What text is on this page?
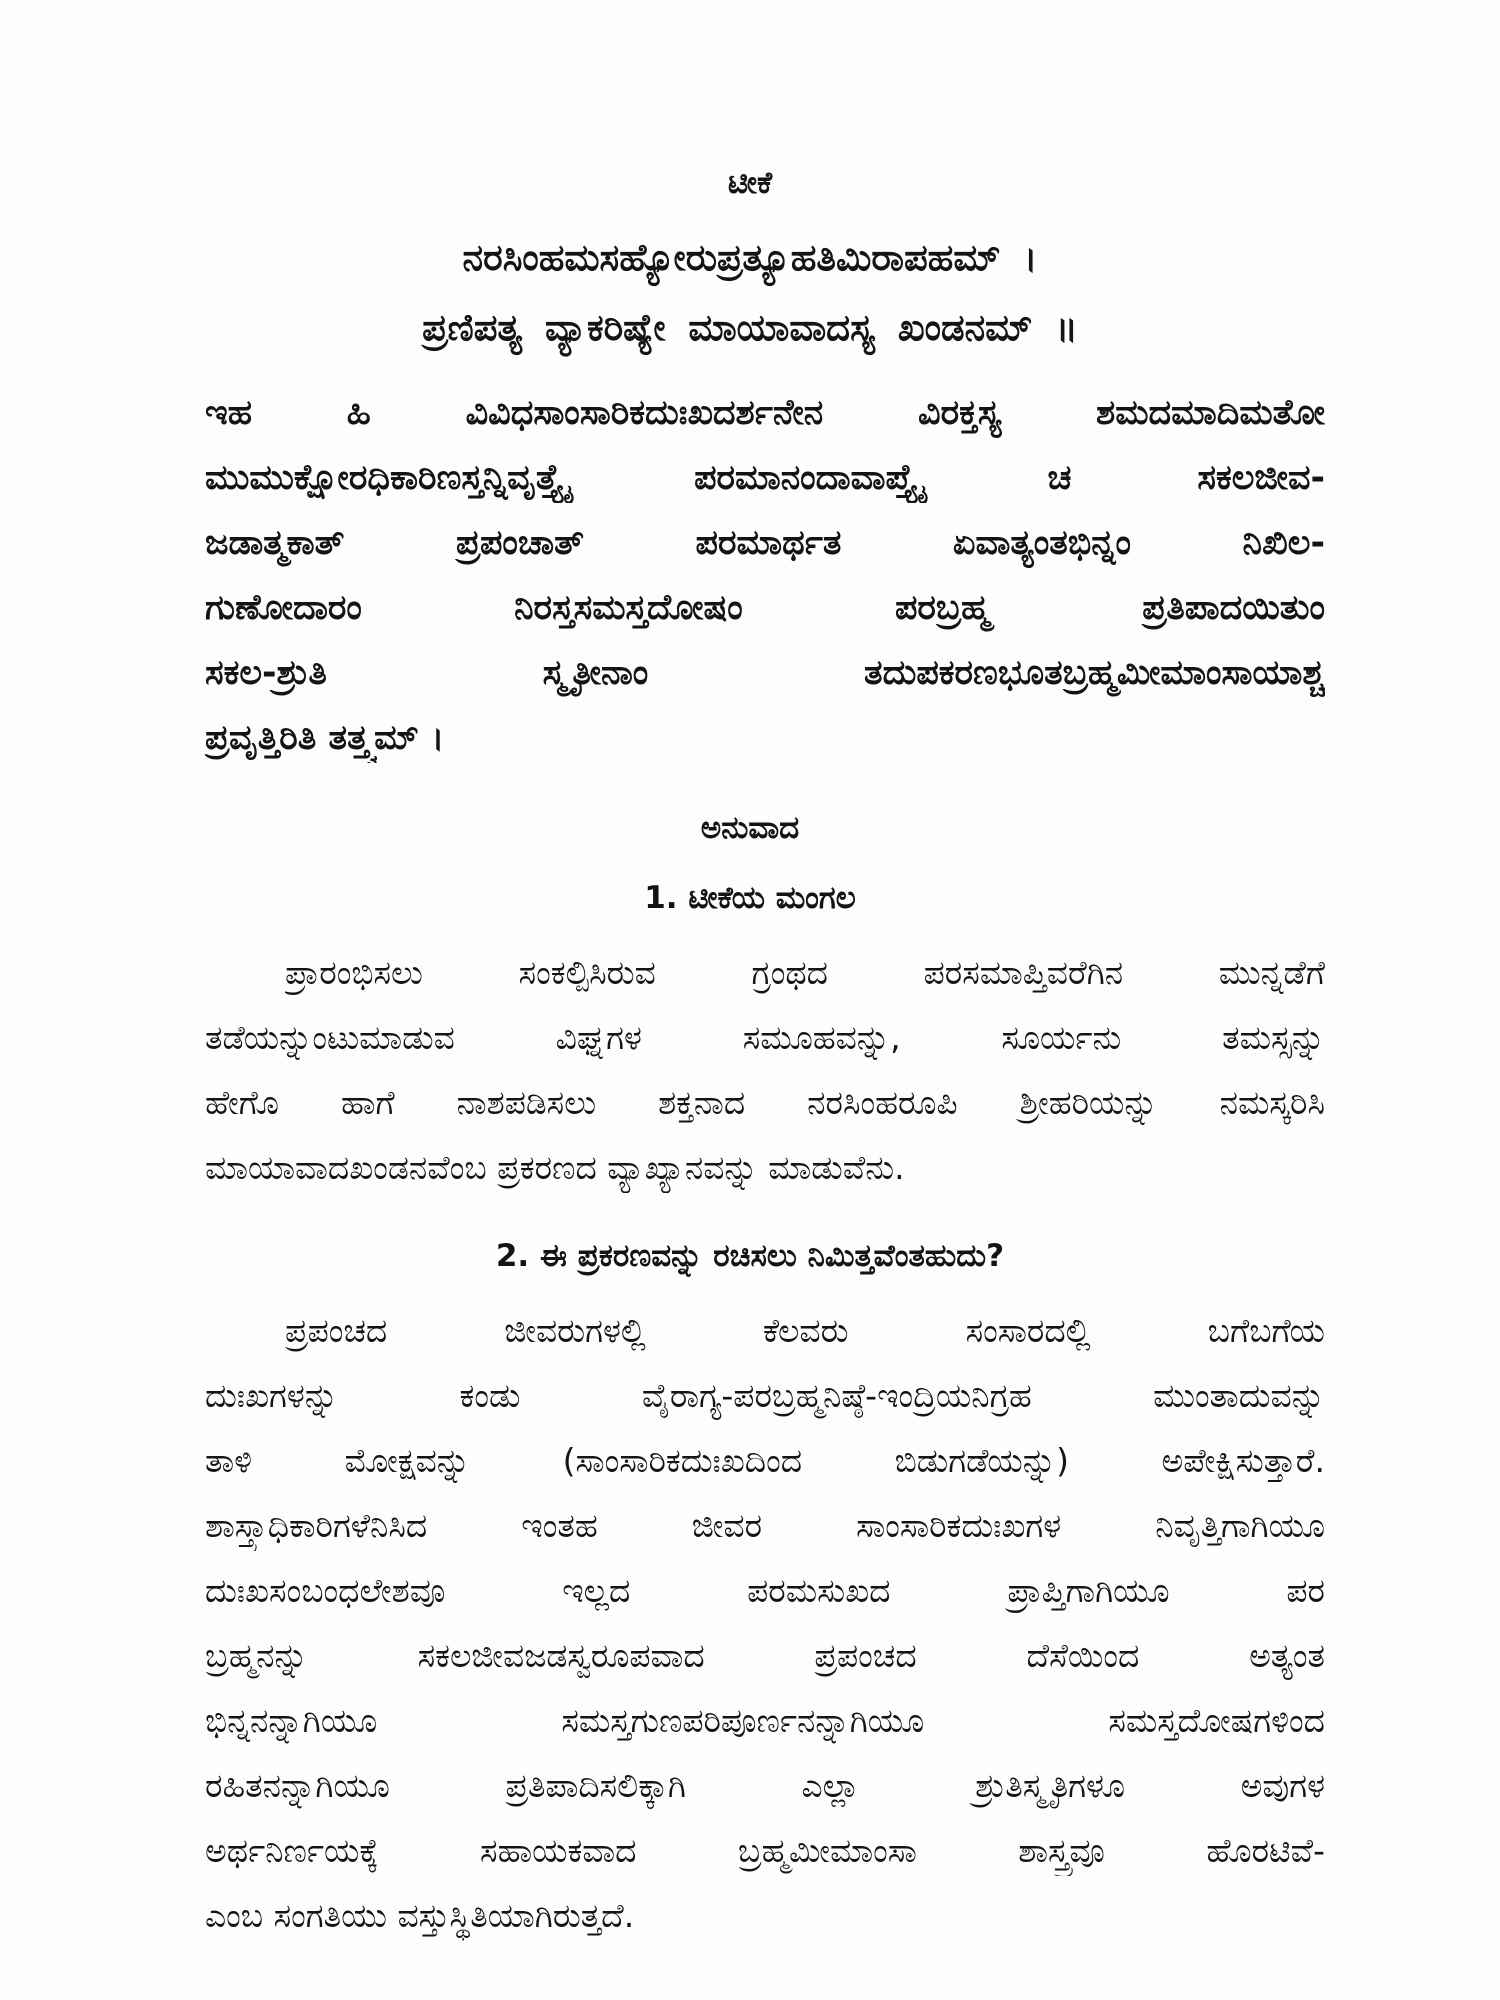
ಟೀಕೆ
ನರಸಿಂಹಮಸಹ್ಯೋರುಪ್ರತ್ಯೂಹತಿಮಿರಾಪಹಮ್ ।
ಪ್ರಣಿಪತ್ಯ ವ್ಯಾಕರಿಷ್ಯೇ ಮಾಯಾವಾದಸ್ಯ ಖಂಡನಮ್ ॥
ಇಹ ಹಿ ವಿವಿಧಸಾಂಸಾರಿಕದುಃಖದರ್ಶನೇನ ವಿರಕ್ತಸ್ಯ ಶಮದಮಾದಿಮತೋ
ಮುಮುಕ್ಷೋರಧಿಕಾರಿಣಸ್ತನ್ನಿವೃತ್ತ್ಯೈ ಪರಮಾನಂದಾವಾಪ್ತ್ಯೈ ಚ ಸಕಲಜೀವ-
ಜಡಾತ್ಮಕಾತ್ ಪ್ರಪಂಚಾತ್ ಪರಮಾರ್ಥತ ಏವಾತ್ಯಂತಭಿನ್ನಂ ನಿಖಿಲ-
ಗುಣೋದಾರಂ ನಿರಸ್ತಸಮಸ್ತದೋಷಂ ಪರಬ್ರಹ್ಮ ಪ್ರತಿಪಾದಯಿತುಂ
ಸಕಲ-ಶ್ರುತಿ ಸ್ಮೃತೀನಾಂ ತದುಪಕರಣಭೂತಬ್ರಹ್ಮಮೀಮಾಂಸಾಯಾಶ್ಚ
ಪ್ರವೃತ್ತಿರಿತಿ ತತ್ತ್ವಮ್ ।
ಅನುವಾದ
1. ಟೀಕೆಯ ಮಂಗಲ
ಪ್ರಾರಂಭಿಸಲು ಸಂಕಲ್ಪಿಸಿರುವ ಗ್ರಂಥದ ಪರಸಮಾಪ್ತಿವರೆಗಿನ ಮುನ್ನಡೆಗೆ
ತಡೆಯನ್ನುಂಟುಮಾಡುವ ವಿಘ್ನಗಳ ಸಮೂಹವನ್ನು, ಸೂರ್ಯನು ತಮಸ್ಸನ್ನು
ಹೇಗೊ ಹಾಗೆ ನಾಶಪಡಿಸಲು ಶಕ್ತನಾದ ನರಸಿಂಹರೂಪಿ ಶ್ರೀಹರಿಯನ್ನು ನಮಸ್ಕರಿಸಿ
ಮಾಯಾವಾದಖಂಡನವೆಂಬ ಪ್ರಕರಣದ ವ್ಯಾಖ್ಯಾನವನ್ನು ಮಾಡುವೆನು.
2. ಈ ಪ್ರಕರಣವನ್ನು ರಚಿಸಲು ನಿಮಿತ್ತವೆಂತಹುದು?
ಪ್ರಪಂಚದ ಜೀವರುಗಳಲ್ಲಿ ಕೆಲವರು ಸಂಸಾರದಲ್ಲಿ ಬಗೆಬಗೆಯ
ದುಃಖಗಳನ್ನು ಕಂಡು ವೈರಾಗ್ಯ-ಪರಬ್ರಹ್ಮನಿಷ್ಠೆ-ಇಂದ್ರಿಯನಿಗ್ರಹ ಮುಂತಾದುವನ್ನು
ತಾಳಿ ಮೋಕ್ಷವನ್ನು (ಸಾಂಸಾರಿಕದುಃಖದಿಂದ ಬಿಡುಗಡೆಯನ್ನು) ಅಪೇಕ್ಷಿಸುತ್ತಾರೆ.
ಶಾಸ್ತ್ರಾಧಿಕಾರಿಗಳೆನಿಸಿದ ಇಂತಹ ಜೀವರ ಸಾಂಸಾರಿಕದುಃಖಗಳ ನಿವೃತ್ತಿಗಾಗಿಯೂ
ದುಃಖಸಂಬಂಧಲೇಶವೂ ಇಲ್ಲದ ಪರಮಸುಖದ ಪ್ರಾಪ್ತಿಗಾಗಿಯೂ ಪರ
ಬ್ರಹ್ಮನನ್ನು ಸಕಲಜೀವಜಡಸ್ವರೂಪವಾದ ಪ್ರಪಂಚದ ದೆಸೆಯಿಂದ ಅತ್ಯಂತ
ಭಿನ್ನನನ್ನಾಗಿಯೂ ಸಮಸ್ತಗುಣಪರಿಪೂರ್ಣನನ್ನಾಗಿಯೂ ಸಮಸ್ತದೋಷಗಳಿಂದ
ರಹಿತನನ್ನಾಗಿಯೂ ಪ್ರತಿಪಾದಿಸಲಿಕ್ಕಾಗಿ ಎಲ್ಲಾ ಶ್ರುತಿಸ್ಮೃತಿಗಳೂ ಅವುಗಳ
ಅರ್ಥನಿರ್ಣಯಕ್ಕೆ ಸಹಾಯಕವಾದ ಬ್ರಹ್ಮಮೀಮಾಂಸಾ ಶಾಸ್ತ್ರವೂ ಹೊರಟಿವೆ-
ಎಂಬ ಸಂಗತಿಯು ವಸ್ತುಸ್ಥಿತಿಯಾಗಿರುತ್ತದೆ.
